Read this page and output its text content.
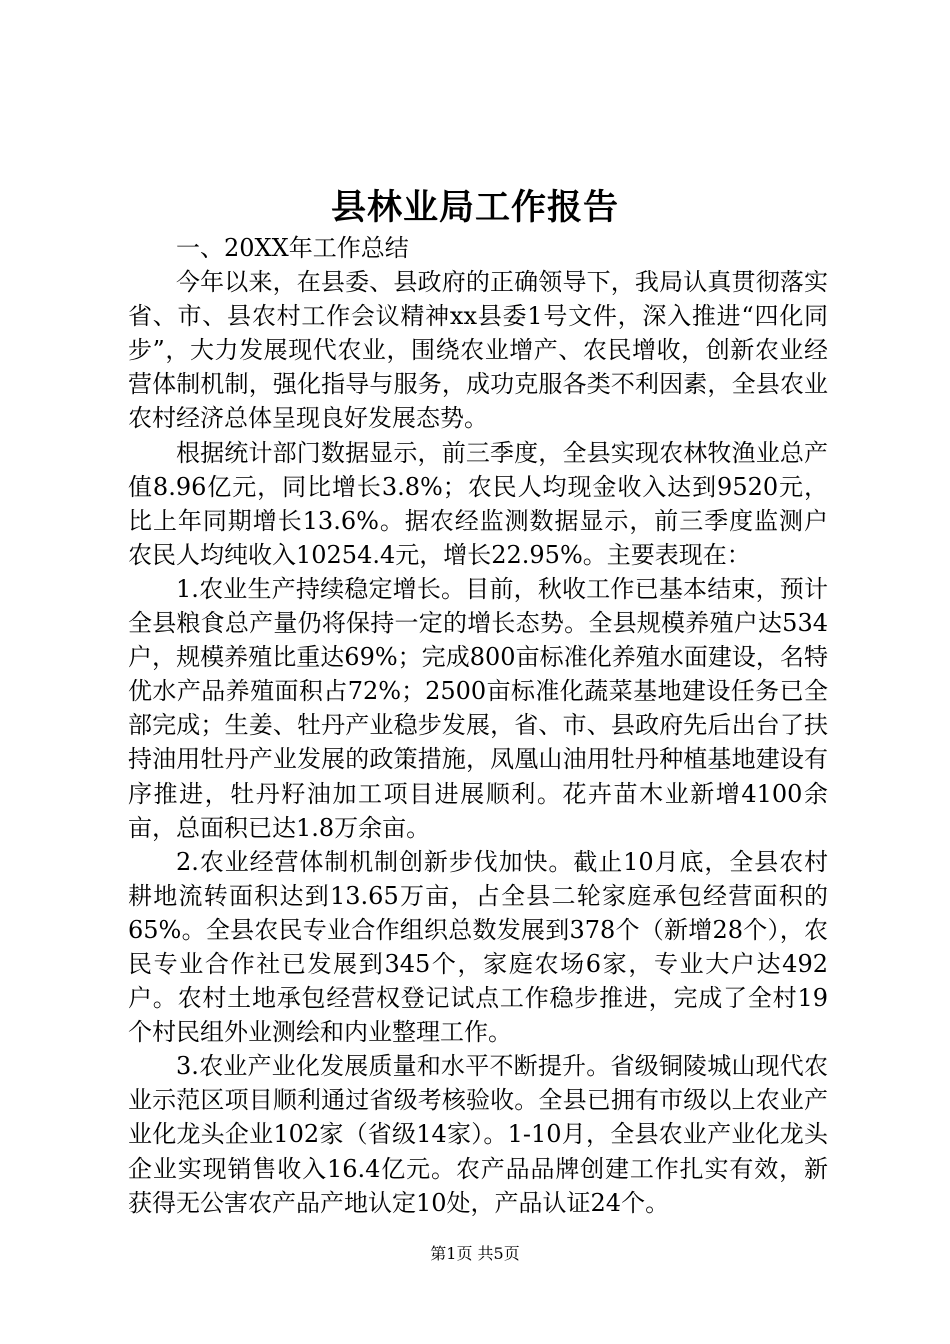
县林业局工作报告

一、20XX年工作总结

今年以来，在县委、县政府的正确领导下，我局认真贯彻落实省、市、县农村工作会议精神xx县委1号文件，深入推进“四化同步”，大力发展现代农业，围绕农业增产、农民增收，创新农业经营体制机制，强化指导与服务，成功克服各类不利因素，全县农业农村经济总体呈现良好发展态势。

根据统计部门数据显示，前三季度，全县实现农林牧渔业总产值8.96亿元，同比增长3.8%；农民人均现金收入达到9520元，比上年同期增长13.6%。据农经监测数据显示，前三季度监测户农民人均纯收入10254.4元，增长22.95%。主要表现在：

1.农业生产持续稳定增长。目前，秋收工作已基本结束，预计全县粮食总产量仍将保持一定的增长态势。全县规模养殖户达534户，规模养殖比重达69%；完成800亩标准化养殖水面建设，名特优水产品养殖面积占72%；2500亩标准化蔬菜基地建设任务已全部完成；生姜、牡丹产业稳步发展，省、市、县政府先后出台了扶持油用牡丹产业发展的政策措施，凤凰山油用牡丹种植基地建设有序推进，牡丹籽油加工项目进展顺利。花卉苗木业新增4100余亩，总面积已达1.8万余亩。

2.农业经营体制机制创新步伐加快。截止10月底，全县农村耕地流转面积达到13.65万亩，占全县二轮家庭承包经营面积的65%。全县农民专业合作组织总数发展到378个（新增28个），农民专业合作社已发展到345个，家庭农场6家，专业大户达492户。农村土地承包经营权登记试点工作稳步推进，完成了全村19个村民组外业测绘和内业整理工作。

3.农业产业化发展质量和水平不断提升。省级铜陵城山现代农业示范区项目顺利通过省级考核验收。全县已拥有市级以上农业产业化龙头企业102家（省级14家）。1-10月，全县农业产业化龙头企业实现销售收入16.4亿元。农产品品牌创建工作扎实有效，新获得无公害农产品产地认定10处，产品认证24个。

第1页 共5页
